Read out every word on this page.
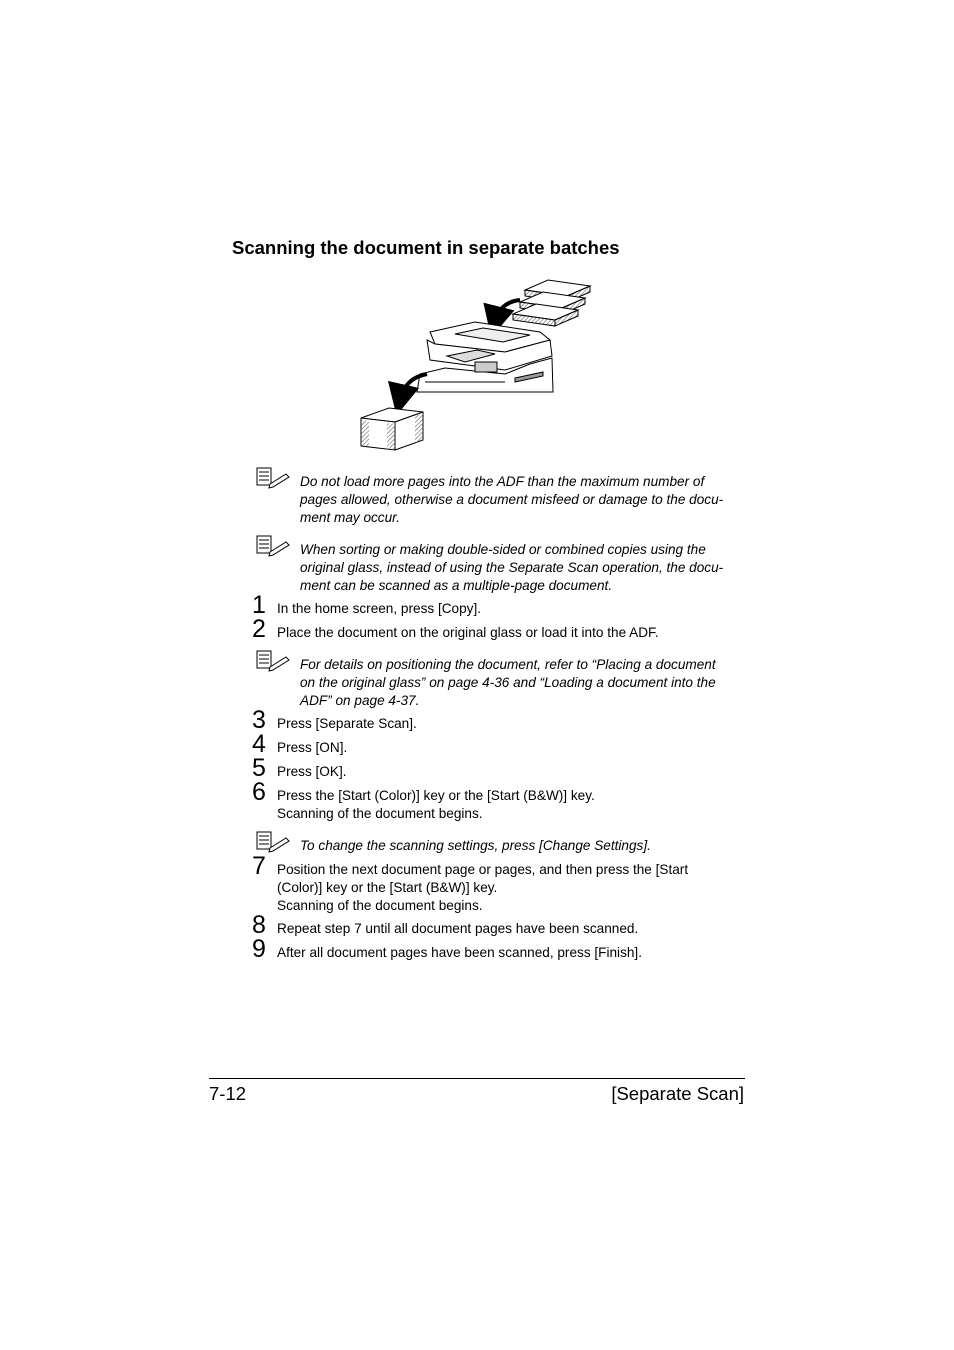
Scanning the document in separate batches

Do not load more pages into the ADF than the maximum number of

pages allowed, otherwise a document misfeed or damage to the docu-

ment may occur.

When sorting or making double-sided or combined copies using the

original glass, instead of using the Separate Scan operation, the docu-

ment can be scanned as a multiple-page document.

For details on positioning the document, refer to “Placing a document

on the original glass” on page 4-36 and “Loading a document into the

ADF” on page 4-37.

To change the scanning settings, press [Change Settings].

1 In the home screen, press [Copy].

2 Place the document on the original glass or load it into the ADF.

3 Press [Separate Scan].

4 Press [ON].

5 Press [OK].

6 Press the [Start (Color)] key or the [Start (B&W)] key.

Scanning of the document begins.

7 Position the next document page or pages, and then press the [Start

(Color)] key or the [Start (B&W)] key.

Scanning of the document begins.

8 Repeat step 7 until all document pages have been scanned.

9 After all document pages have been scanned, press [Finish].

7-12	[Separate Scan]
